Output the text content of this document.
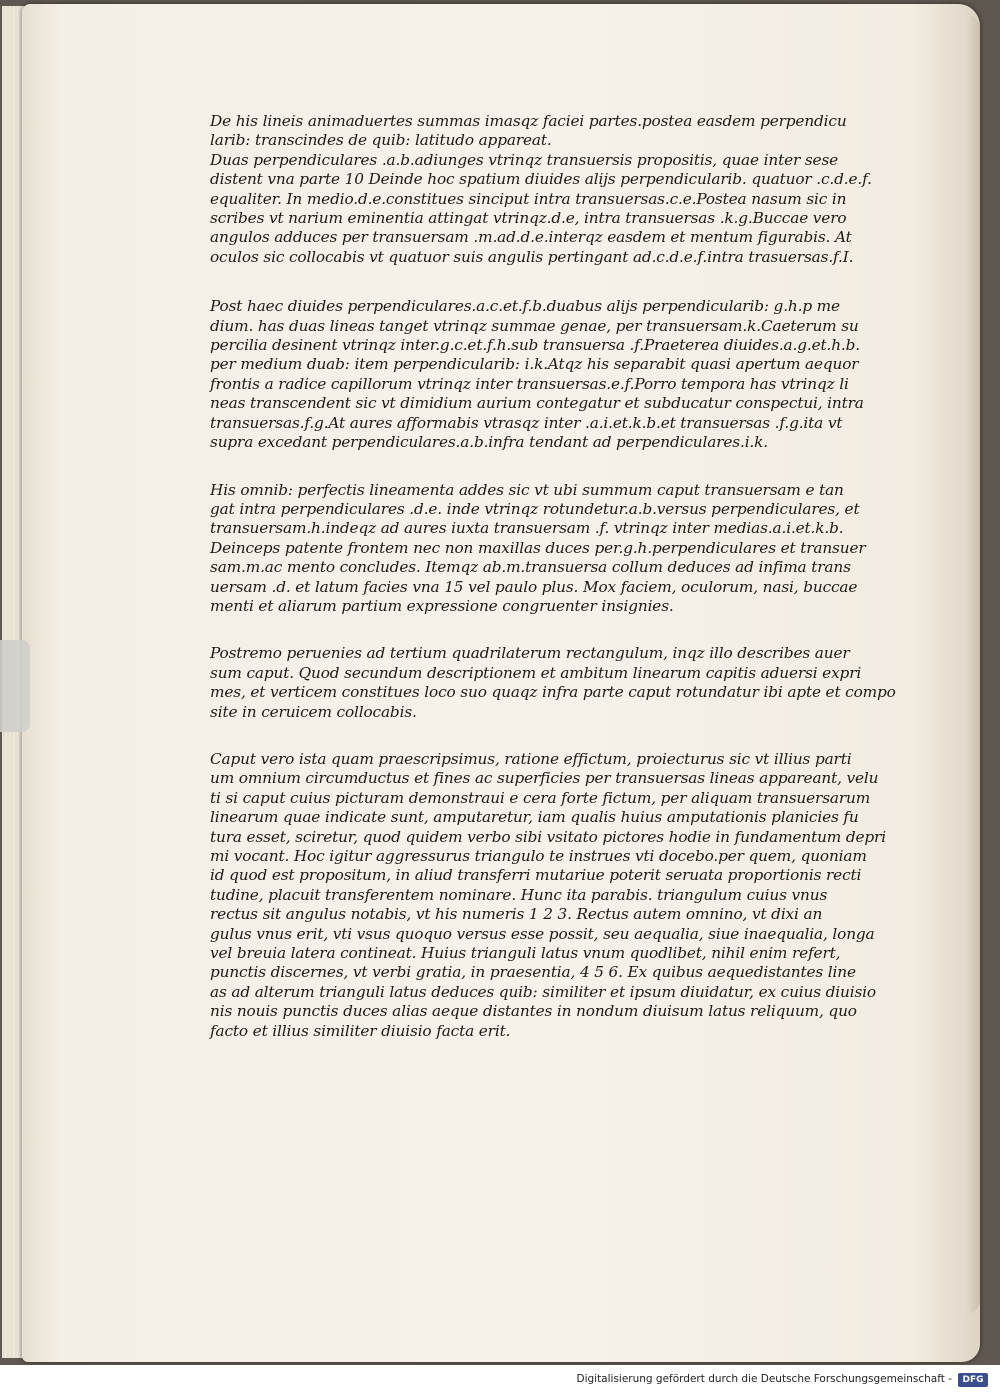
De his lineis animaduertes summas imasqz faciei partes.postea easdem perpendicu
larib: transcindes de quib: latitudo appareat.
Duas perpendiculares .a.b.adiunges vtrinqz transuersis propositis, quae inter sese
distent vna parte 10 Deinde hoc spatium diuides alijs perpendicularib. quatuor .c.d.e.f.
equaliter. In medio.d.e.constitues sinciput intra transuersas.c.e.Postea nasum sic in
scribes vt narium eminentia attingat vtrinqz.d.e, intra transuersas .k.g.Buccae vero
angulos adduces per transuersam .m.ad.d.e.interqz easdem et mentum figurabis. At
oculos sic collocabis vt quatuor suis angulis pertingant ad.c.d.e.f.intra trasuersas.f.I.
Post haec diuides perpendiculares.a.c.et.f.b.duabus alijs perpendicularib: g.h.p me
dium. has duas lineas tanget vtrinqz summae genae, per transuersam.k.Caeterum su
percilia desinent vtrinqz inter.g.c.et.f.h.sub transuersa .f.Praeterea diuides.a.g.et.h.b.
per medium duab: item perpendicularib: i.k.Atqz his separabit quasi apertum aequor
frontis a radice capillorum vtrinqz inter transuersas.e.f.Porro tempora has vtrinqz li
neas transcendent sic vt dimidium aurium contegatur et subducatur conspectui, intra
transuersas.f.g.At aures afformabis vtrasqz inter .a.i.et.k.b.et transuersas .f.g.ita vt
supra excedant perpendiculares.a.b.infra tendant ad perpendiculares.i.k.
His omnib: perfectis lineamenta addes sic vt ubi summum caput transuersam e tan
gat intra perpendiculares .d.e. inde vtrinqz rotundetur.a.b.versus perpendiculares, et
transuersam.h.indeqz ad aures iuxta transuersam .f. vtrinqz inter medias.a.i.et.k.b.
Deinceps patente frontem nec non maxillas duces per.g.h.perpendiculares et transuer
sam.m.ac mento concludes. Itemqz ab.m.transuersa collum deduces ad infima trans
uersam .d. et latum facies vna 15 vel paulo plus. Mox faciem, oculorum, nasi, buccae
menti et aliarum partium expressione congruenter insignies.
Postremo peruenies ad tertium quadrilaterum rectangulum, inqz illo describes auer
sum caput. Quod secundum descriptionem et ambitum linearum capitis aduersi expri
mes, et verticem constitues loco suo quaqz infra parte caput rotundatur ibi apte et compo
site in ceruicem collocabis.
Caput vero ista quam praescripsimus, ratione effictum, proiecturus sic vt illius parti
um omnium circumductus et fines ac superficies per transuersas lineas appareant, velu
ti si caput cuius picturam demonstraui e cera forte fictum, per aliquam transuersarum
linearum quae indicate sunt, amputaretur, iam qualis huius amputationis planicies fu
tura esset, sciretur, quod quidem verbo sibi vsitato pictores hodie in fundamentum depri
mi vocant. Hoc igitur aggressurus triangulo te instrues vti docebo.per quem, quoniam
id quod est propositum, in aliud transferri mutariue poterit seruata proportionis recti
tudine, placuit transferentem nominare. Hunc ita parabis. triangulum cuius vnus
rectus sit angulus notabis, vt his numeris 1 2 3. Rectus autem omnino, vt dixi an
gulus vnus erit, vti vsus quoquo versus esse possit, seu aequalia, siue inaequalia, longa
vel breuia latera contineat. Huius trianguli latus vnum quodlibet, nihil enim refert,
punctis discernes, vt verbi gratia, in praesentia, 4 5 6. Ex quibus aequedistantes line
as ad alterum trianguli latus deduces quib: similiter et ipsum diuidatur, ex cuius diuisio
nis nouis punctis duces alias aeque distantes in nondum diuisum latus reliquum, quo
facto et illius similiter diuisio facta erit.
Digitalisierung gefördert durch die Deutsche Forschungsgemeinschaft -	DFG
